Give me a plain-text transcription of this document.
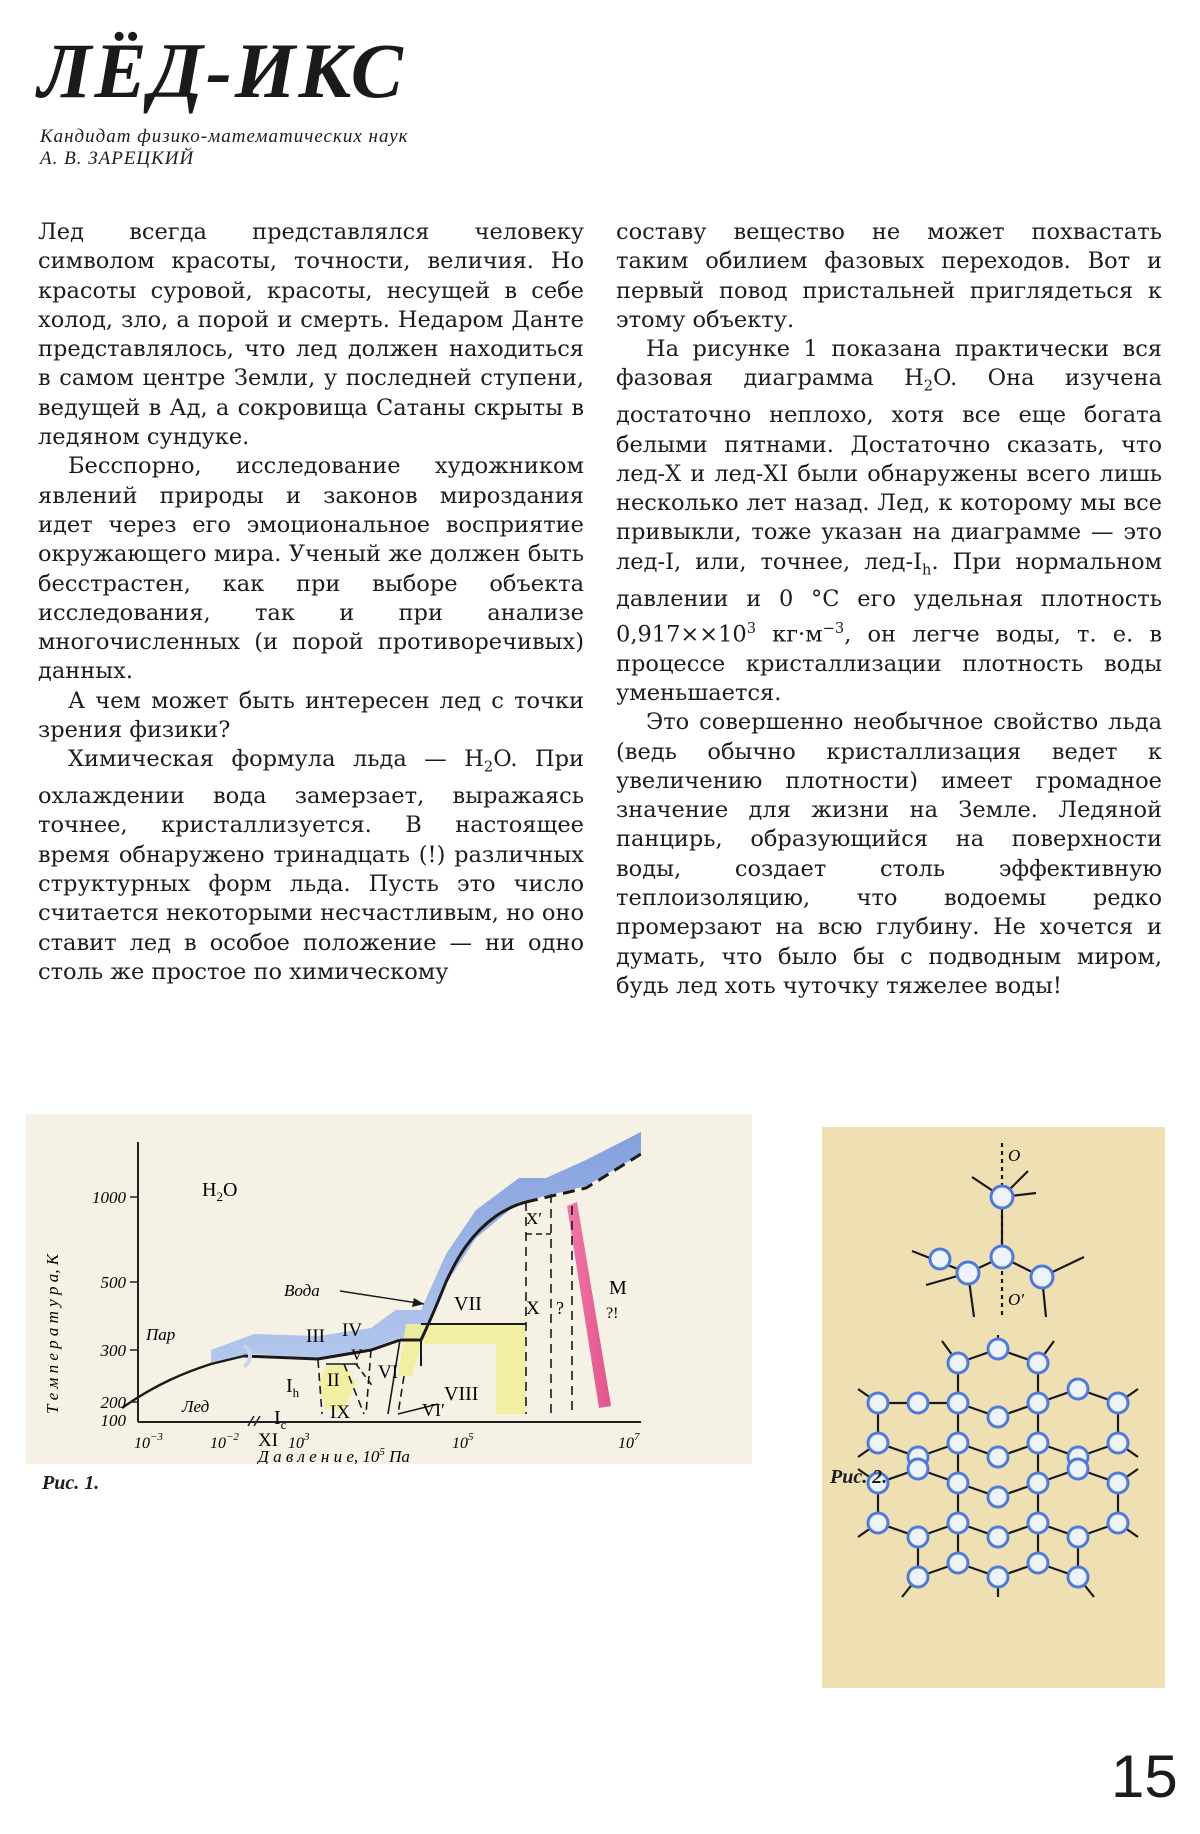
ЛЁД-ИКС
Кандидат физико-математических наук
А. В. ЗАРЕЦКИЙ

Лед всегда представлялся человеку символом красоты, точности, величия. Но красоты суровой, красоты, несущей в себе холод, зло, а порой и смерть. Недаром Данте представлялось, что лед должен находиться в самом центре Земли, у последней ступени, ведущей в Ад, а сокровища Сатаны скрыты в ледяном сундуке.

Бесспорно, исследование художником явлений природы и законов мироздания идет через его эмоциональное восприятие окружающего мира. Ученый же должен быть бесстрастен, как при выборе объекта исследования, так и при анализе многочисленных (и порой противоречивых) данных.

А чем может быть интересен лед с точки зрения физики?

Химическая формула льда — $H_2O$. При охлаждении вода замерзает, выражаясь точнее, кристаллизуется. В настоящее время обнаружено тринадцать (!) различных структурных форм льда. Пусть это число считается некоторыми несчастливым, но оно ставит лед в особое положение — ни одно столь же простое по химическому

составу вещество не может похвастать таким обилием фазовых переходов. Вот и первый повод пристальней приглядеться к этому объекту.

На рисунке 1 показана практически вся фазовая диаграмма $H_2O$. Она изучена достаточно неплохо, хотя все еще богата белыми пятнами. Достаточно сказать, что лед-X и лед-XI были обнаружены всего лишь несколько лет назад. Лед, к которому мы все привыкли, тоже указан на диаграмме — это лед-I, или, точнее, лед-$I_h$. При нормальном давлении и 0 °С его удельная плотность $0,917\times\times 10^3$ $кг\cdot м^{-3}$, он легче воды, т. е. в процессе кристаллизации плотность воды уменьшается.

Это совершенно необычное свойство льда (ведь обычно кристаллизация ведет к увеличению плотности) имеет громадное значение для жизни на Земле. Ледяной панцирь, образующийся на поверхности воды, создает столь эффективную теплоизоляцию, что водоемы редко промерзают на всю глубину. Не хочется и думать, что было бы с подводным миром, будь лед хоть чуточку тяжелее воды!

1000
500
300
200
100
$10^{-3}$	$10^{-2}$	$10^3$	$10^5$	$10^7$
Т е м п е р а т у р а, К
Д а в л е н и е, $10^5$ Па
$H_2O$
Пар
Вода
Лед
$I_h$
$I_c$
XI
III
II
IV
V
VI
VI′
VII
VIII
IX
X
X′
?
M
?!
Рис. 1.
O
O′
Рис. 2.
15
